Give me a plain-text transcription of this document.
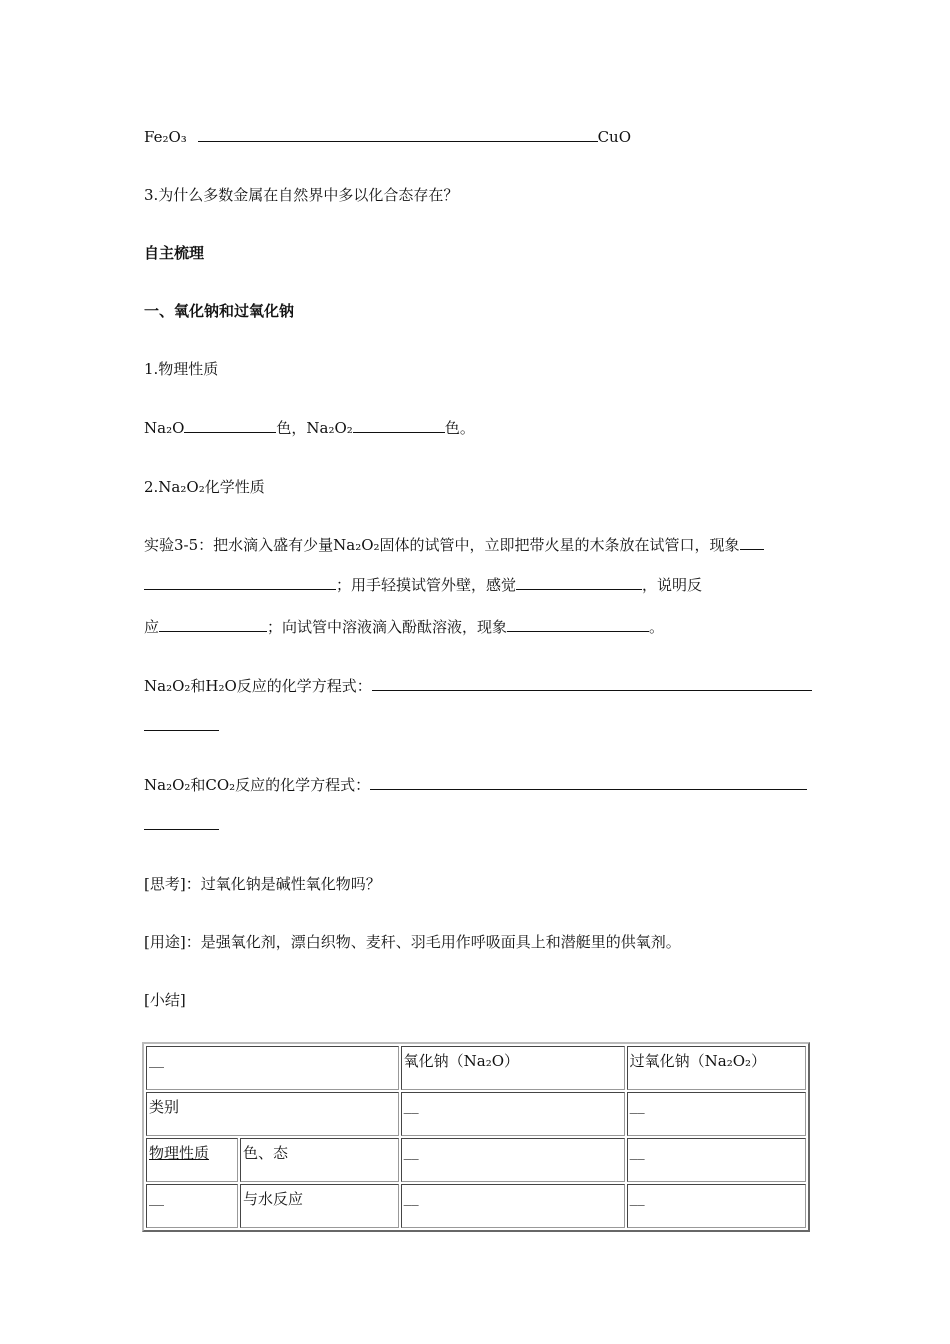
Fe₂O₃	CuO
3.为什么多数金属在自然界中多以化合态存在？
自主梳理
一、氧化钠和过氧化钠
1.物理性质
Na₂O	色，Na₂O₂	色。
2.Na₂O₂化学性质
实验3-5：把水滴入盛有少量Na₂O₂固体的试管中，立即把带火星的木条放在试管口，现象
；用手轻摸试管外壁，感觉	，说明反
应	；向试管中溶液滴入酚酞溶液，现象	。
Na₂O₂和H₂O反应的化学方程式：
Na₂O₂和CO₂反应的化学方程式：
[思考]：过氧化钠是碱性氧化物吗？
[用途]：是强氧化剂，漂白织物、麦秆、羽毛用作呼吸面具上和潜艇里的供氧剂。
[小结]
__		氧化钠（Na₂O）	过氧化钠（Na₂O₂）
类别		__	__
物理性质	色、态	__	__
__	与水反应	__	__
